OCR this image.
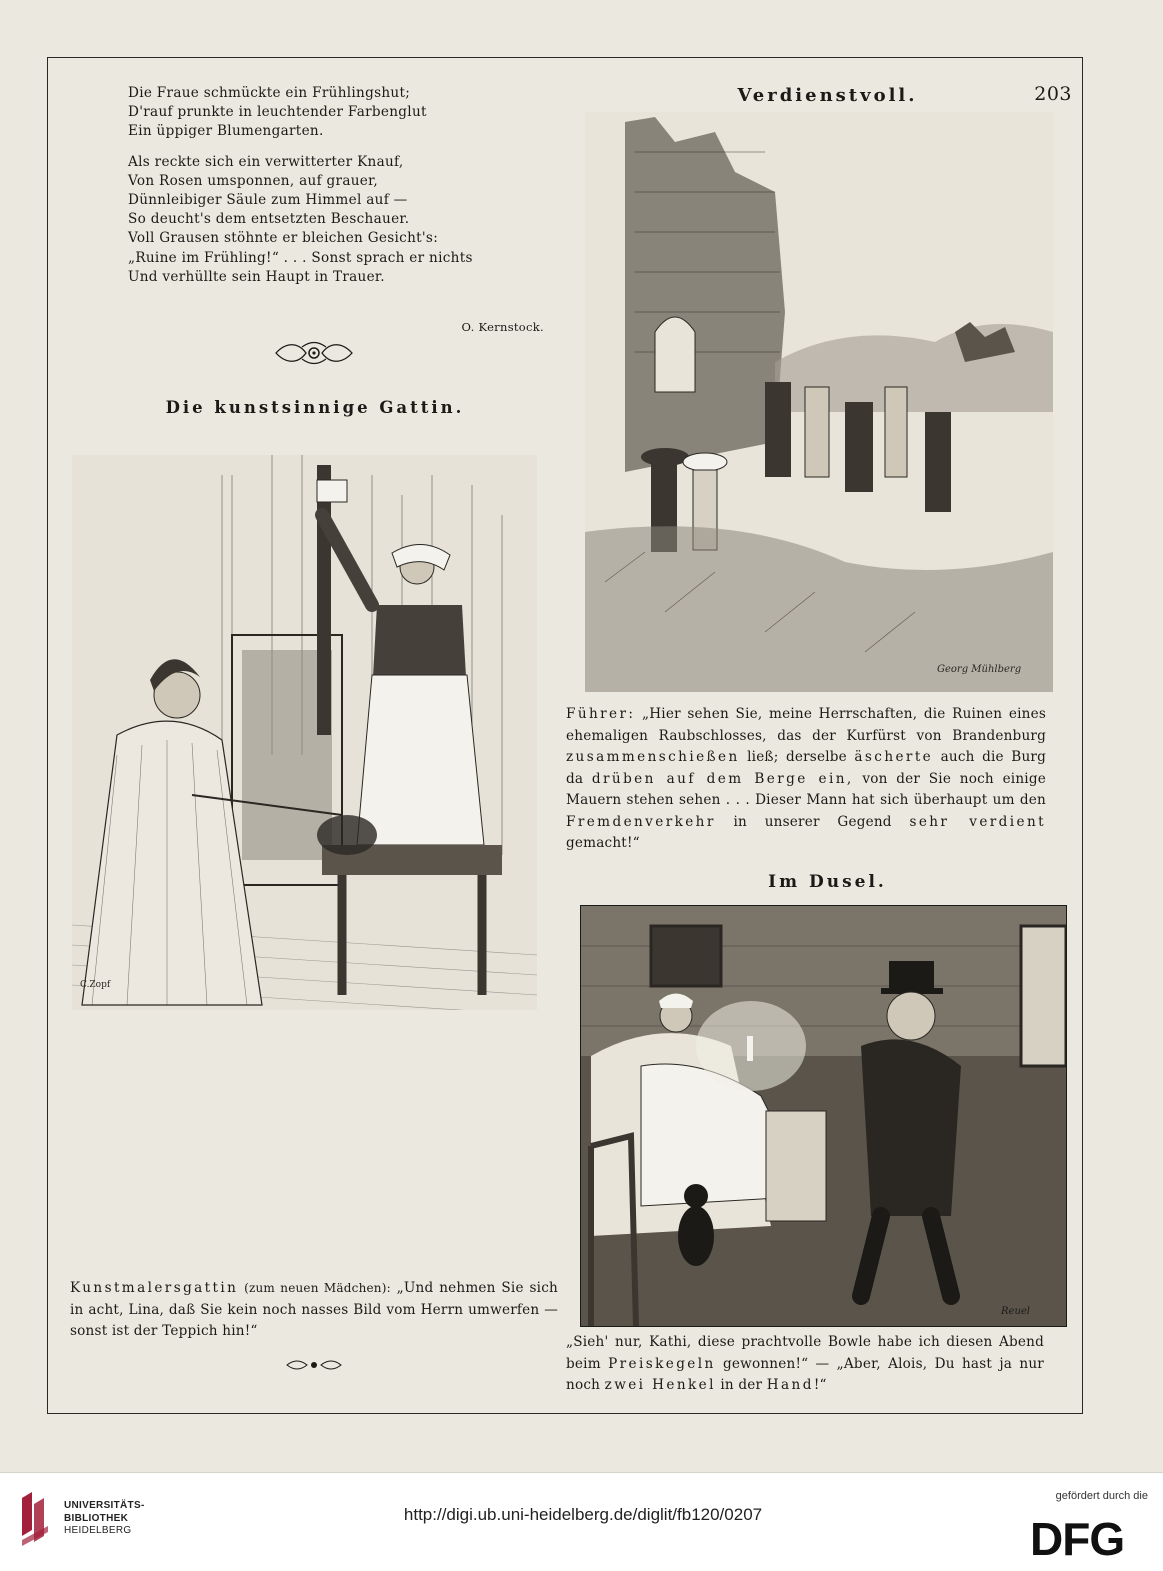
Die Fraue schmückte ein Frühlingshut;
D'rauf prunkte in leuchtender Farbenglut
Ein üppiger Blumengarten.
Als reckte sich ein verwitterter Knauf,
Von Rosen umsponnen, auf grauer,
Dünnleibiger Säule zum Himmel auf —
So deucht's dem entsetzten Beschauer.
Voll Grausen stöhnte er bleichen Gesicht's:
„Ruine im Frühling!“ . . . Sonst sprach er nichts
Und verhüllte sein Haupt in Trauer.
O. Kernstock.
Die kunstsinnige Gattin.
Verdienstvoll.	203
C.Zopf
Kunstmalersgattin (zum neuen Mädchen): „Und nehmen Sie sich in acht, Lina, daß Sie kein noch nasses Bild vom Herrn umwerfen — sonst ist der Teppich hin!“
Georg Mühlberg
Führer: „Hier sehen Sie, meine Herrschaften, die Ruinen eines ehemaligen Raubschlosses, das der Kurfürst von Brandenburg zusammenschießen ließ; derselbe äscherte auch die Burg da drüben auf dem Berge ein, von der Sie noch einige Mauern stehen sehen . . . Dieser Mann hat sich überhaupt um den Fremdenverkehr in unserer Gegend sehr verdient gemacht!“
Im Dusel.
Reuel
„Sieh' nur, Kathi, diese prachtvolle Bowle habe ich diesen Abend beim Preiskegeln gewonnen!“ — „Aber, Alois, Du hast ja nur noch zwei Henkel in der Hand!“
UNIVERSITÄTS-
BIBLIOTHEK
HEIDELBERG
http://digi.ub.uni-heidelberg.de/diglit/fb120/0207
gefördert durch die
DFG
